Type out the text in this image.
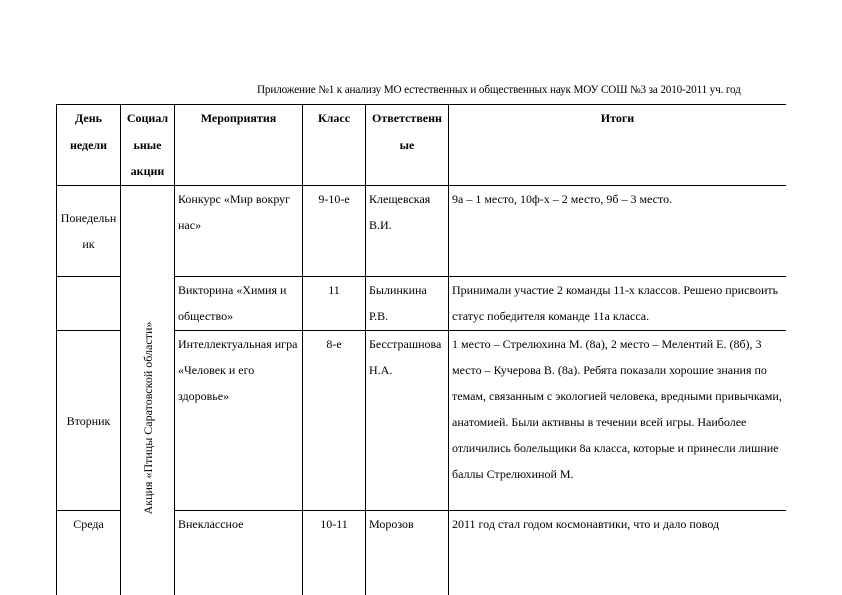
Приложение №1 к анализу МО естественных и общественных наук МОУ СОШ №3 за 2010-2011 уч. год
День недели	Социальные акции	Мероприятия	Класс	Ответственные	Итоги
Понедельник	Акция «Птицы Саратовской области»	Конкурс «Мир вокруг нас»	9-10-е	Клещевская В.И.	9а – 1 место, 10ф-х – 2 место, 9б – 3 место.
		Викторина «Химия и общество»	11	Былинкина Р.В.	Принимали участие 2 команды 11-х классов. Решено присвоить статус победителя команде 11а класса.
Вторник		Интеллектуальная игра «Человек и его здоровье»	8-е	Бесстрашнова Н.А.	1 место – Стрелюхина М. (8а), 2 место – Мелентий Е. (8б), 3 место – Кучерова В. (8а). Ребята показали хорошие знания по темам, связанным с экологией человека, вредными привычками, анатомией. Были активны в течении всей игры. Наиболее отличились болельщики 8а класса, которые и принесли лишние баллы Стрелюхиной М.
Среда		Внеклассное	10-11	Морозов	2011 год стал годом космонавтики, что и дало повод
